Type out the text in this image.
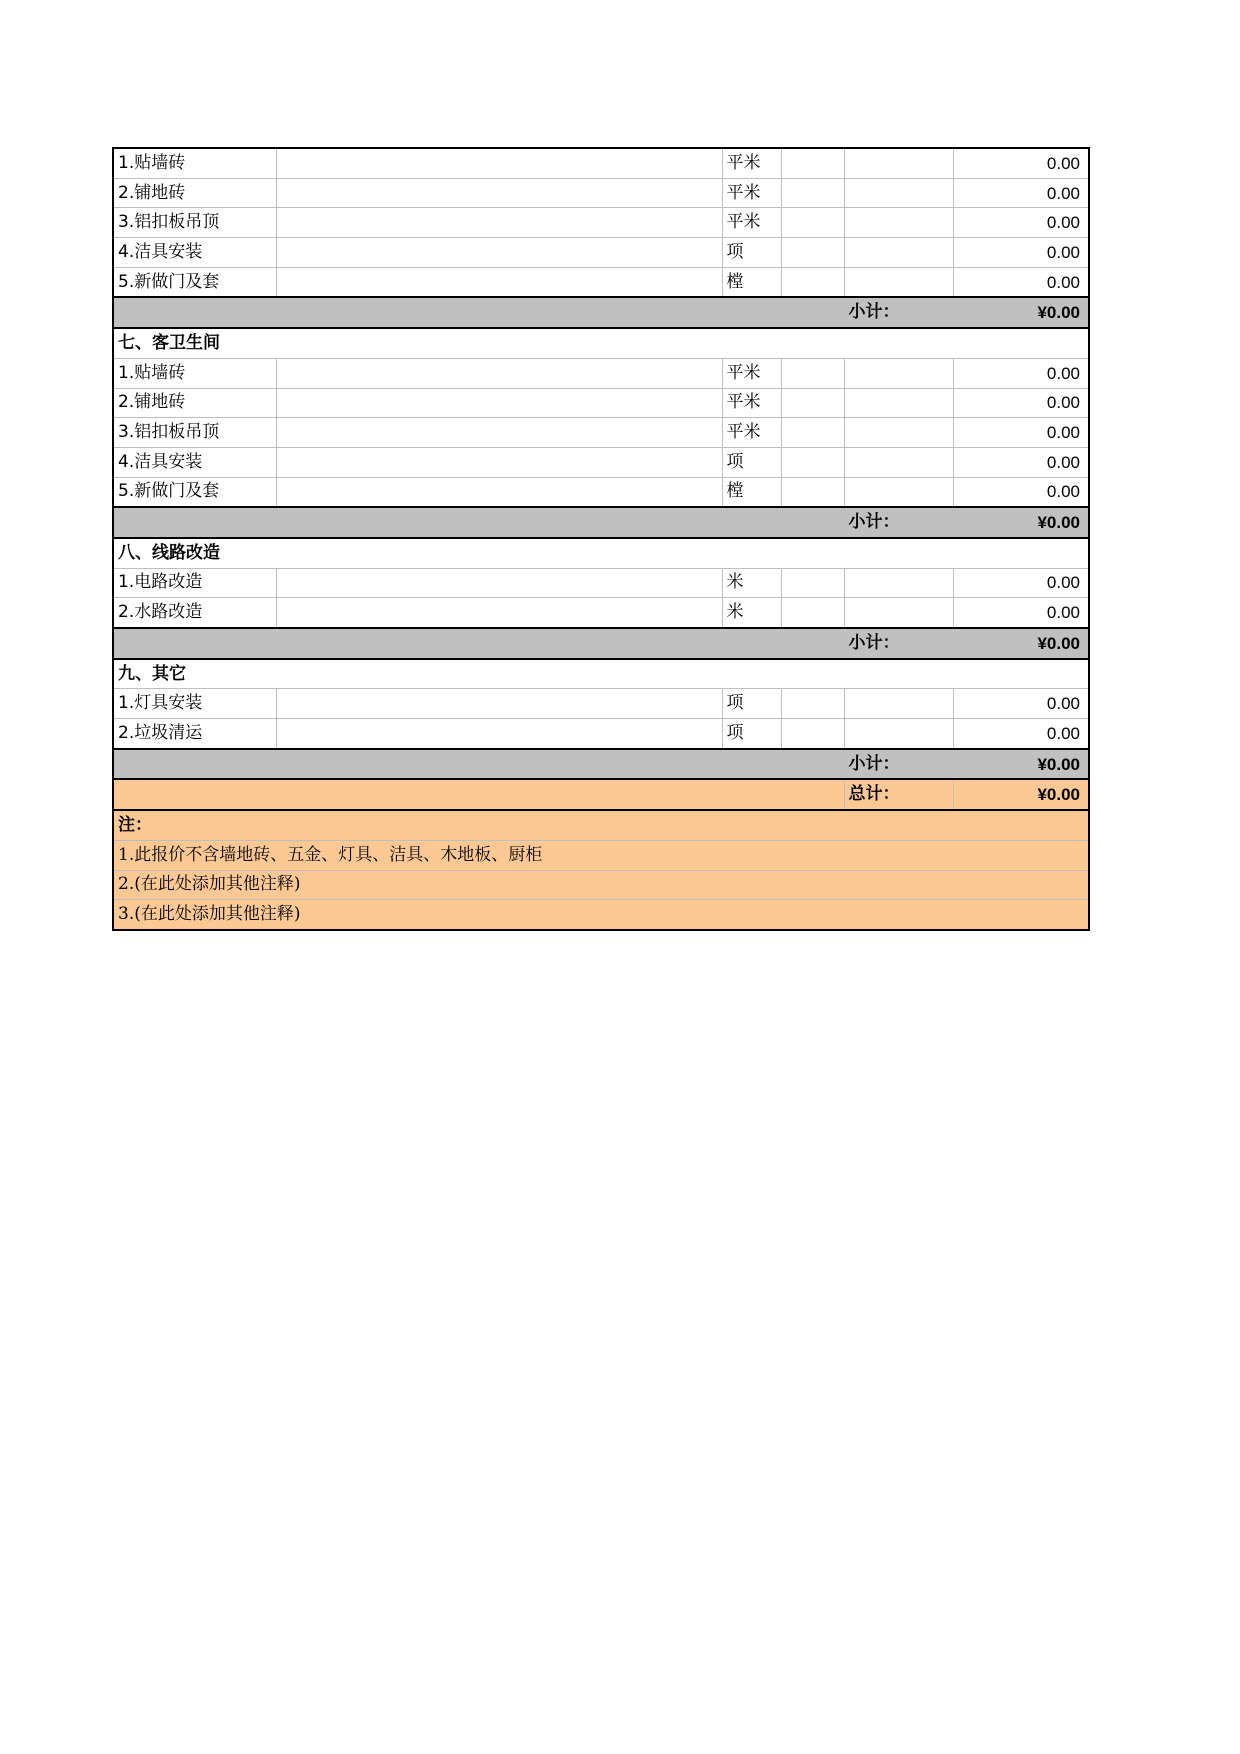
1.贴墙砖		平米			0.00
2.铺地砖		平米			0.00
3.铝扣板吊顶		平米			0.00
4.洁具安装		项			0.00
5.新做门及套		樘			0.00
				小计：	¥0.00
七、客卫生间					
1.贴墙砖		平米			0.00
2.铺地砖		平米			0.00
3.铝扣板吊顶		平米			0.00
4.洁具安装		项			0.00
5.新做门及套		樘			0.00
				小计：	¥0.00
八、线路改造					
1.电路改造		米			0.00
2.水路改造		米			0.00
				小计：	¥0.00
九、其它					
1.灯具安装		项			0.00
2.垃圾清运		项			0.00
				小计：	¥0.00
				总计：	¥0.00
注：					
1.此报价不含墙地砖、五金、灯具、洁具、木地板、厨柜					
2.(在此处添加其他注释)					
3.(在此处添加其他注释)					
